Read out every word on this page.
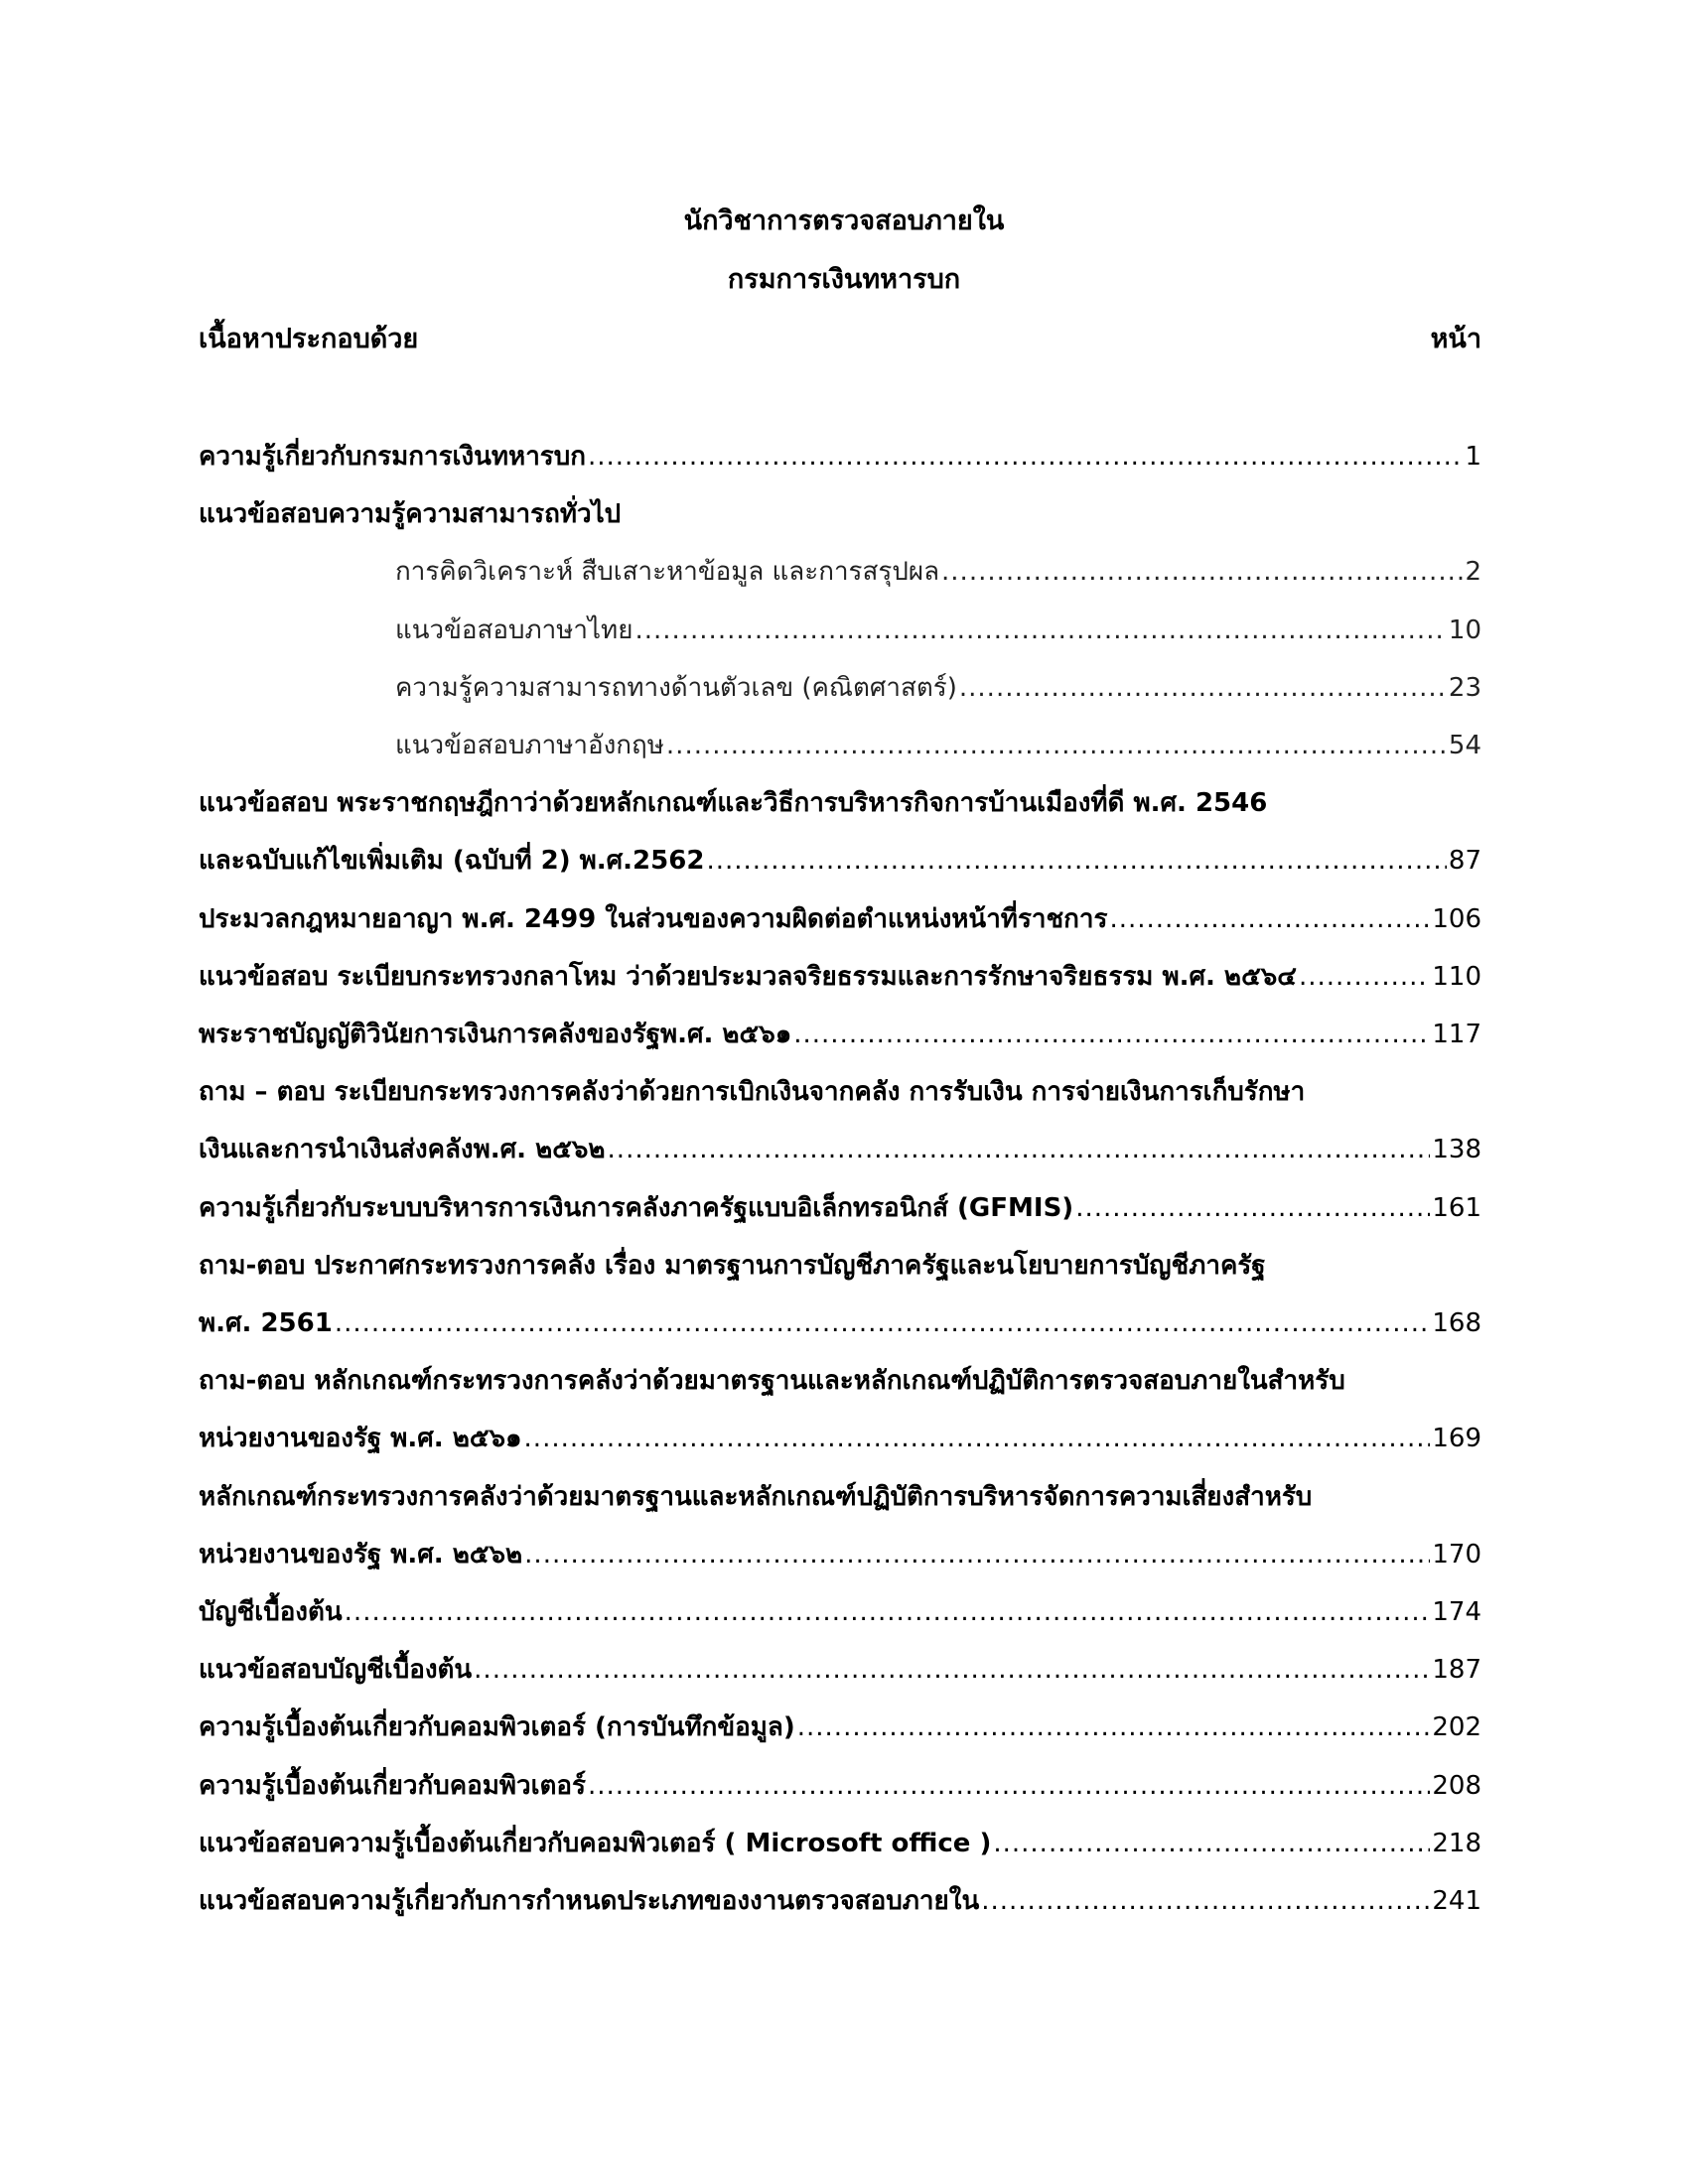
นักวิชาการตรวจสอบภายใน
กรมการเงินทหารบก
เนื้อหาประกอบด้วย	หน้า
ความรู้เกี่ยวกับกรมการเงินทหารบก .....	1
แนวข้อสอบความรู้ความสามารถทั่วไป
การคิดวิเคราะห์ สืบเสาะหาข้อมูล และการสรุปผล .....	2
แนวข้อสอบภาษาไทย .....	10
ความรู้ความสามารถทางด้านตัวเลข (คณิตศาสตร์) .....	23
แนวข้อสอบภาษาอังกฤษ .....	54
แนวข้อสอบ พระราชกฤษฎีกาว่าด้วยหลักเกณฑ์และวิธีการบริหารกิจการบ้านเมืองที่ดี พ.ศ. 2546
และฉบับแก้ไขเพิ่มเติม (ฉบับที่ 2) พ.ศ.2562 .....	87
ประมวลกฎหมายอาญา พ.ศ. 2499 ในส่วนของความผิดต่อตำแหน่งหน้าที่ราชการ .....	106
แนวข้อสอบ ระเบียบกระทรวงกลาโหม ว่าด้วยประมวลจริยธรรมและการรักษาจริยธรรม พ.ศ. ๒๕๖๔ .....	110
พระราชบัญญัติวินัยการเงินการคลังของรัฐพ.ศ. ๒๕๖๑ .....	117
ถาม – ตอบ ระเบียบกระทรวงการคลังว่าด้วยการเบิกเงินจากคลัง การรับเงิน การจ่ายเงินการเก็บรักษา
เงินและการนำเงินส่งคลังพ.ศ. ๒๕๖๒ .....	138
ความรู้เกี่ยวกับระบบบริหารการเงินการคลังภาครัฐแบบอิเล็กทรอนิกส์ (GFMIS) .....	161
ถาม-ตอบ ประกาศกระทรวงการคลัง เรื่อง มาตรฐานการบัญชีภาครัฐและนโยบายการบัญชีภาครัฐ
พ.ศ. 2561 .....	168
ถาม-ตอบ หลักเกณฑ์กระทรวงการคลังว่าด้วยมาตรฐานและหลักเกณฑ์ปฏิบัติการตรวจสอบภายในสำหรับ
หน่วยงานของรัฐ พ.ศ. ๒๕๖๑ .....	169
หลักเกณฑ์กระทรวงการคลังว่าด้วยมาตรฐานและหลักเกณฑ์ปฏิบัติการบริหารจัดการความเสี่ยงสำหรับ
หน่วยงานของรัฐ พ.ศ. ๒๕๖๒ .....	170
บัญชีเบื้องต้น .....	174
แนวข้อสอบบัญชีเบื้องต้น .....	187
ความรู้เบื้องต้นเกี่ยวกับคอมพิวเตอร์ (การบันทึกข้อมูล) .....	202
ความรู้เบื้องต้นเกี่ยวกับคอมพิวเตอร์ .....	208
แนวข้อสอบความรู้เบื้องต้นเกี่ยวกับคอมพิวเตอร์ ( Microsoft office ) .....	218
แนวข้อสอบความรู้เกี่ยวกับการกำหนดประเภทของงานตรวจสอบภายใน .....	241
